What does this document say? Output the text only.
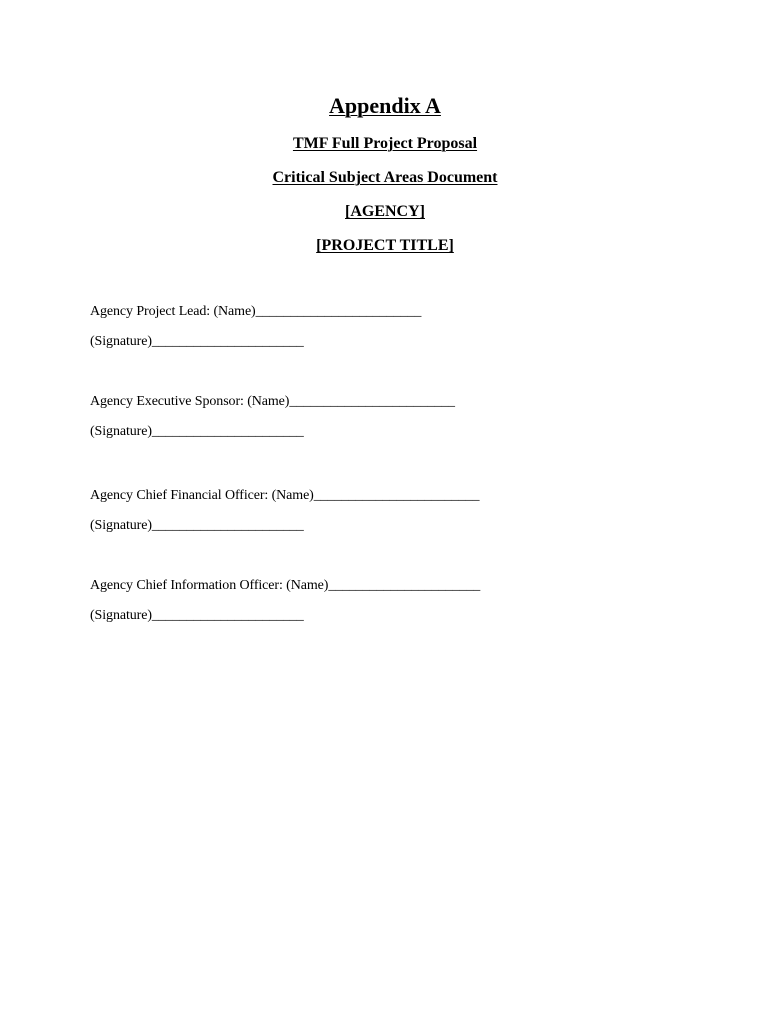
Appendix A
TMF Full Project Proposal
Critical Subject Areas Document
[AGENCY]
[PROJECT TITLE]
Agency Project Lead: (Name)________________________
(Signature)______________________
Agency Executive Sponsor: (Name)________________________
(Signature)______________________
Agency Chief Financial Officer: (Name)________________________
(Signature)______________________
Agency Chief Information Officer: (Name)______________________
(Signature)______________________
